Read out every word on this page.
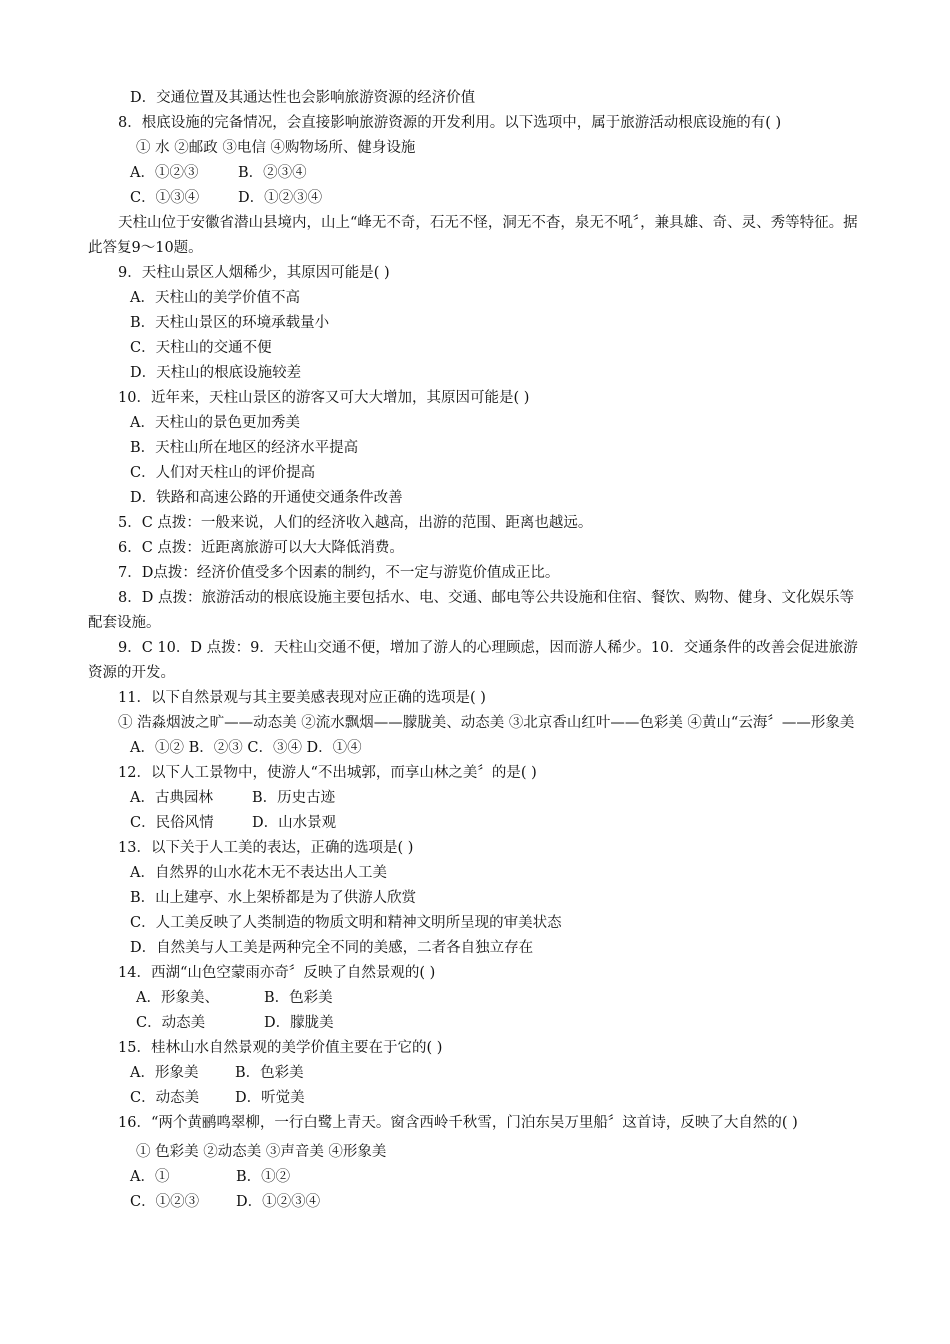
D．交通位置及其通达性也会影响旅游资源的经济价值
8．根底设施的完备情况，会直接影响旅游资源的开发利用。以下选项中，属于旅游活动根底设施的有( )
① 水 ②邮政 ③电信 ④购物场所、健身设施
A．①②③	B．②③④
C．①③④	D．①②③④
天柱山位于安徽省潜山县境内，山上“峰无不奇，石无不怪，洞无不杳，泉无不吼〞，兼具雄、奇、灵、秀等特征。据此答复9～10题。
9．天柱山景区人烟稀少，其原因可能是( )
A．天柱山的美学价值不高
B．天柱山景区的环境承载量小
C．天柱山的交通不便
D．天柱山的根底设施较差
10．近年来，天柱山景区的游客又可大大增加，其原因可能是( )
A．天柱山的景色更加秀美
B．天柱山所在地区的经济水平提高
C．人们对天柱山的评价提高
D．铁路和高速公路的开通使交通条件改善
5．C 点拨：一般来说，人们的经济收入越高，出游的范围、距离也越远。
6．C 点拨：近距离旅游可以大大降低消费。
7．D点拨：经济价值受多个因素的制约，不一定与游览价值成正比。
8．D 点拨：旅游活动的根底设施主要包括水、电、交通、邮电等公共设施和住宿、餐饮、购物、健身、文化娱乐等配套设施。
9．C 10．D 点拨：9．天柱山交通不便，增加了游人的心理顾虑，因而游人稀少。10．交通条件的改善会促进旅游资源的开发。
11．以下自然景观与其主要美感表现对应正确的选项是( )
① 浩淼烟波之旷——动态美 ②流水飘烟——朦胧美、动态美 ③北京香山红叶——色彩美 ④黄山“云海〞——形象美
A．①② B．②③ C．③④ D．①④
12．以下人工景物中，使游人“不出城郭，而享山林之美〞的是( )
A．古典园林	B．历史古迹
C．民俗风情	D．山水景观
13．以下关于人工美的表达，正确的选项是( )
A．自然界的山水花木无不表达出人工美
B．山上建亭、水上架桥都是为了供游人欣赏
C．人工美反映了人类制造的物质文明和精神文明所呈现的审美状态
D．自然美与人工美是两种完全不同的美感，二者各自独立存在
14．西湖“山色空蒙雨亦奇〞反映了自然景观的( )
A．形象美、	B．色彩美
C．动态美	D．朦胧美
15．桂林山水自然景观的美学价值主要在于它的( )
A．形象美	B．色彩美
C．动态美 D．听觉美
16．“两个黄鹂鸣翠柳，一行白鹭上青天。窗含西岭千秋雪，门泊东吴万里船〞这首诗，反映了大自然的( )
① 色彩美 ②动态美 ③声音美 ④形象美
A．①	B．①②
C．①②③	D．①②③④
